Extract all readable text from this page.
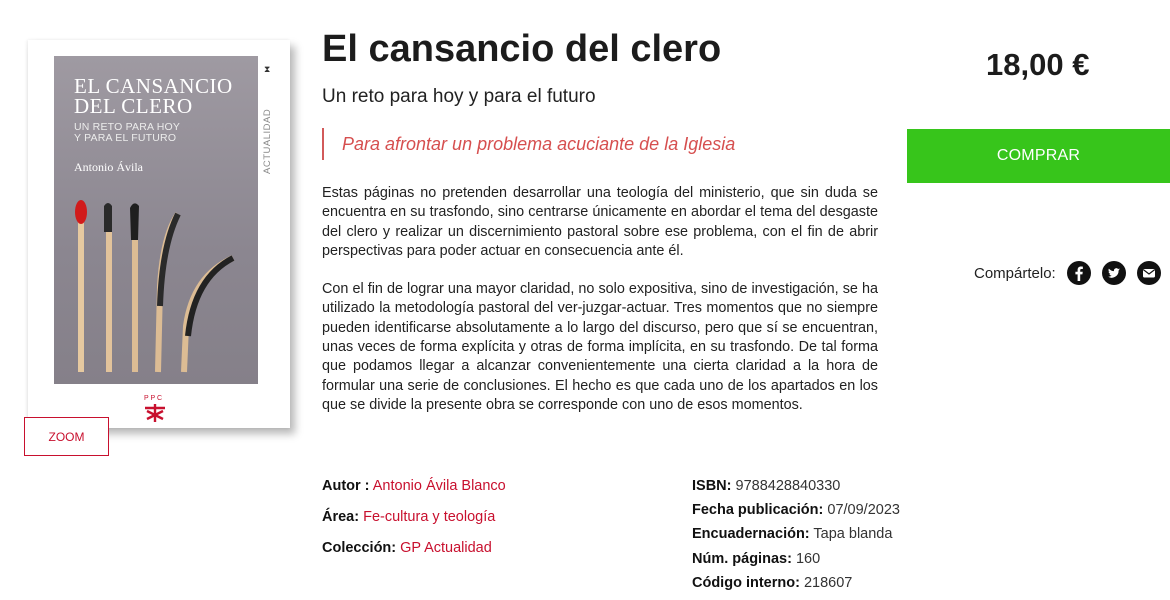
EL CANSANCIO
DEL CLERO
UN RETO PARA HOY
Y PARA EL FUTURO
Antonio Ávila
⧗
ACTUALIDAD
P P C
ZOOM
El cansancio del clero
Un reto para hoy y para el futuro
Para afrontar un problema acuciante de la Iglesia

Estas páginas no pretenden desarrollar una teología del ministerio, que sin duda se encuentra en su trasfondo, sino centrarse únicamente en abordar el tema del desgaste del clero y realizar un discernimiento pastoral sobre ese problema, con el fin de abrir perspectivas para poder actuar en consecuencia ante él.

Con el fin de lograr una mayor claridad, no solo expositiva, sino de investigación, se ha utilizado la metodología pastoral del ver-juzgar-actuar. Tres momentos que no siempre pueden identificarse absolutamente a lo largo del discurso, pero que sí se encuentran, unas veces de forma explícita y otras de forma implícita, en su trasfondo. De tal forma que podamos llegar a alcanzar convenientemente una cierta claridad a la hora de formular una serie de conclusiones. El hecho es que cada uno de los apartados en los que se divide la presente obra se corresponde con uno de esos momentos.

Autor : Antonio Ávila Blanco
Área: Fe-cultura y teología
Colección: GP Actualidad
ISBN: 9788428840330
Fecha publicación: 07/09/2023
Encuadernación: Tapa blanda
Núm. páginas: 160
Código interno: 218607
18,00 €
COMPRAR
Compártelo:
